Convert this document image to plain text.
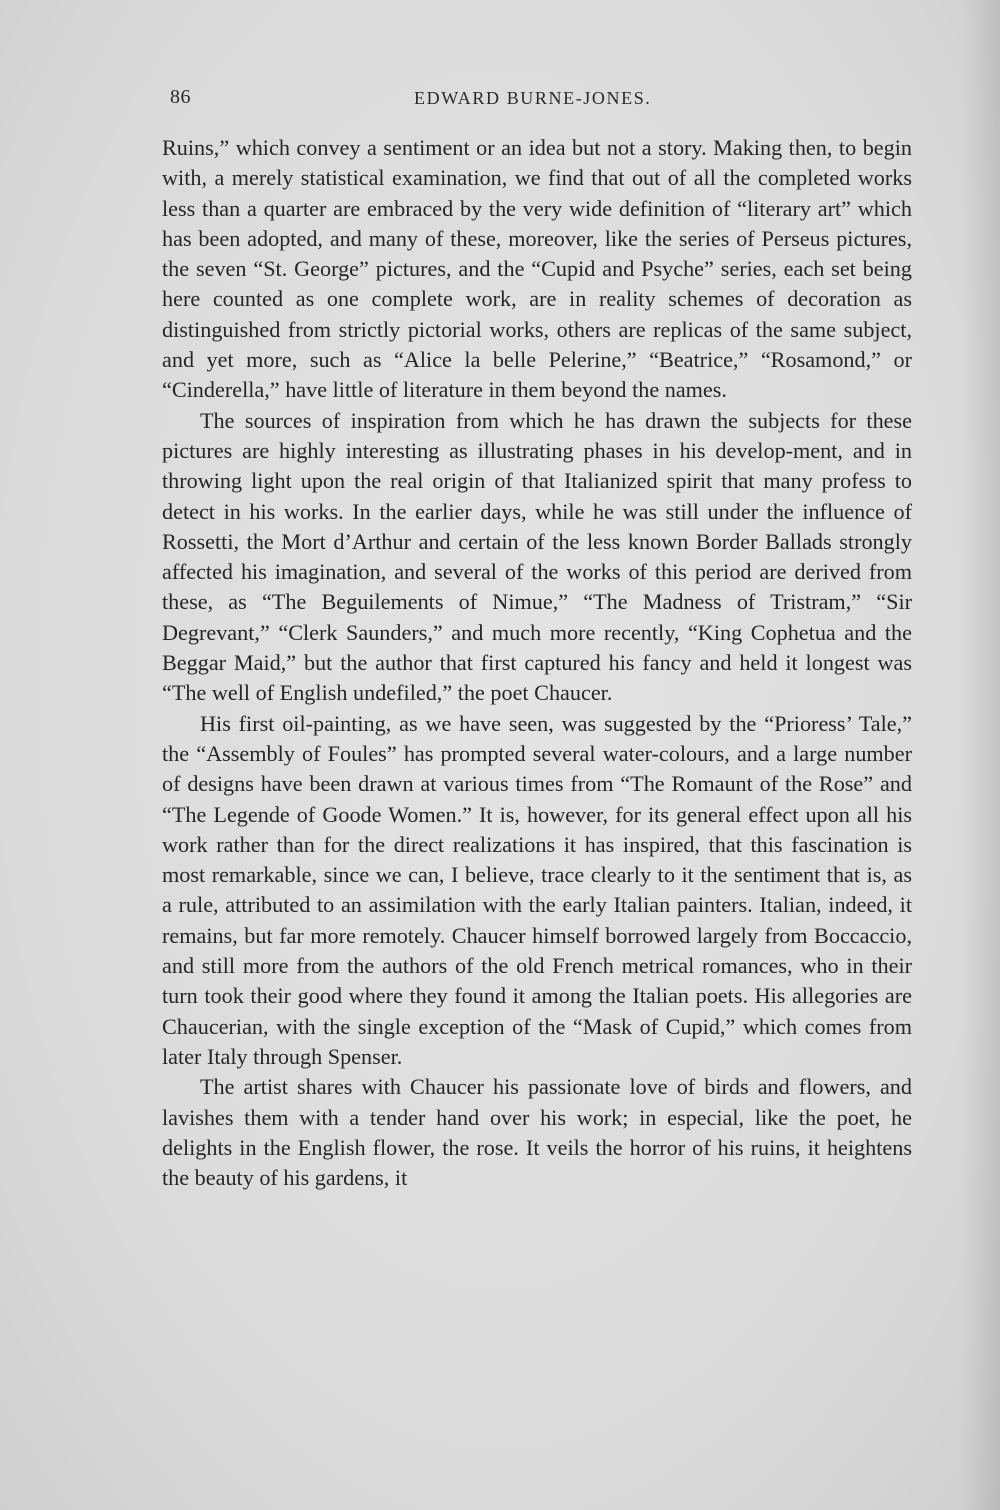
86	EDWARD BURNE-JONES.

Ruins,” which convey a sentiment or an idea but not a story. Making then, to begin with, a merely statistical examination, we find that out of all the completed works less than a quarter are embraced by the very wide definition of “literary art” which has been adopted, and many of these, moreover, like the series of Perseus pictures, the seven “St. George” pictures, and the “Cupid and Psyche” series, each set being here counted as one complete work, are in reality schemes of decoration as distinguished from strictly pictorial works, others are replicas of the same subject, and yet more, such as “Alice la belle Pelerine,” “Beatrice,” “Rosamond,” or “Cinderella,” have little of literature in them beyond the names.

The sources of inspiration from which he has drawn the subjects for these pictures are highly interesting as illustrating phases in his develop-ment, and in throwing light upon the real origin of that Italianized spirit that many profess to detect in his works. In the earlier days, while he was still under the influence of Rossetti, the Mort d’Arthur and certain of the less known Border Ballads strongly affected his imagination, and several of the works of this period are derived from these, as “The Beguilements of Nimue,” “The Madness of Tristram,” “Sir Degrevant,” “Clerk Saunders,” and much more recently, “King Cophetua and the Beggar Maid,” but the author that first captured his fancy and held it longest was “The well of English undefiled,” the poet Chaucer.

His first oil-painting, as we have seen, was suggested by the “Prioress’ Tale,” the “Assembly of Foules” has prompted several water-colours, and a large number of designs have been drawn at various times from “The Romaunt of the Rose” and “The Legende of Goode Women.” It is, however, for its general effect upon all his work rather than for the direct realizations it has inspired, that this fascination is most remarkable, since we can, I believe, trace clearly to it the sentiment that is, as a rule, attributed to an assimilation with the early Italian painters. Italian, indeed, it remains, but far more remotely. Chaucer himself borrowed largely from Boccaccio, and still more from the authors of the old French metrical romances, who in their turn took their good where they found it among the Italian poets. His allegories are Chaucerian, with the single exception of the “Mask of Cupid,” which comes from later Italy through Spenser.

The artist shares with Chaucer his passionate love of birds and flowers, and lavishes them with a tender hand over his work; in especial, like the poet, he delights in the English flower, the rose. It veils the horror of his ruins, it heightens the beauty of his gardens, it
